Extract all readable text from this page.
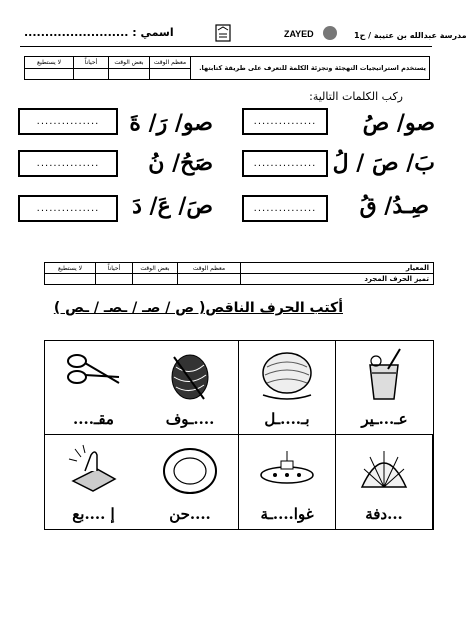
اسمي : .........................	ZAYED	مدرسة عبدالله بن عتيبة / ح1
لا يستطيع	أحياناً	بعض الوقت	معظم الوقت	يستخدم استراتيجيات التهجئة وتجزئة الكلمة للتعرف على طريقة كتابتها.

ركب الكلمات التالية:
صو/ صُ
...............
بَ/ صَ / لُ
...............
صِـدُ/ قُ
...............
صو/ رَ/ ةَ
...............
صَحُ/ نُ
...............
صَ/ عَ/ دَ
...............
لا يستطيع	أحياناً	بعض الوقت	معظم الوقت	المعيار
				تميز الحرف المجرد
أكتب الحرف الناقص( ص / صـ / ـصـ / ـص )
عـ...ـير
بـ....ـل
....ـوف
مقـ....
...دفة
غوا....ـة
....حن
إ ....بع
